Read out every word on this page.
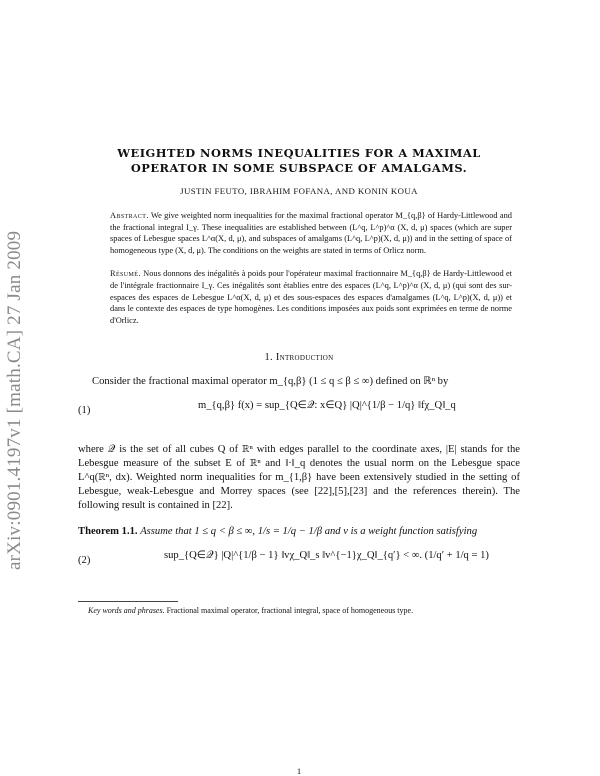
arXiv:0901.4197v1 [math.CA] 27 Jan 2009
WEIGHTED NORMS INEQUALITIES FOR A MAXIMAL
OPERATOR IN SOME SUBSPACE OF AMALGAMS.
JUSTIN FEUTO, IBRAHIM FOFANA, AND KONIN KOUA
Abstract. We give weighted norm inequalities for the maximal fractional operator M_{q,β} of Hardy-Littlewood and the fractional integral I_γ. These inequalities are established between (L^q, L^p)^α (X, d, μ) spaces (which are super spaces of Lebesgue spaces L^α(X, d, μ), and subspaces of amalgams (L^q, L^p)(X, d, μ)) and in the setting of space of homogeneous type (X, d, μ). The conditions on the weights are stated in terms of Orlicz norm.
Résumé. Nous donnons des inégalités à poids pour l'opérateur maximal fractionnaire M_{q,β} de Hardy-Littlewood et de l'intégrale fractionnaire I_γ. Ces inégalités sont établies entre des espaces (L^q, L^p)^α (X, d, μ) (qui sont des sur-espaces des espaces de Lebesgue L^α(X, d, μ) et des sous-espaces des espaces d'amalgames (L^q, L^p)(X, d, μ)) et dans le contexte des espaces de type homogènes. Les conditions imposées aux poids sont exprimées en terme de norme d'Orlicz.
1. Introduction
Consider the fractional maximal operator m_{q,β} (1 ≤ q ≤ β ≤ ∞) defined on ℝⁿ by
(1)	m_{q,β} f(x) = sup_{Q∈𝒬: x∈Q} |Q|^{1/β − 1/q} ‖fχ_Q‖_q
where 𝒬 is the set of all cubes Q of ℝⁿ with edges parallel to the coordinate axes, |E| stands for the Lebesgue measure of the subset E of ℝⁿ and ‖·‖_q denotes the usual norm on the Lebesgue space L^q(ℝⁿ, dx). Weighted norm inequalities for m_{1,β} have been extensively studied in the setting of Lebesgue, weak-Lebesgue and Morrey spaces (see [22],[5],[23] and the references therein). The following result is contained in [22].
Theorem 1.1. Assume that 1 ≤ q < β ≤ ∞, 1/s = 1/q − 1/β and v is a weight function satisfying
(2)	sup_{Q∈𝒬} |Q|^{1/β − 1} ‖vχ_Q‖_s ‖v^{−1}χ_Q‖_{q′} < ∞. (1/q′ + 1/q = 1)
Key words and phrases. Fractional maximal operator, fractional integral, space of homogeneous type.
1
